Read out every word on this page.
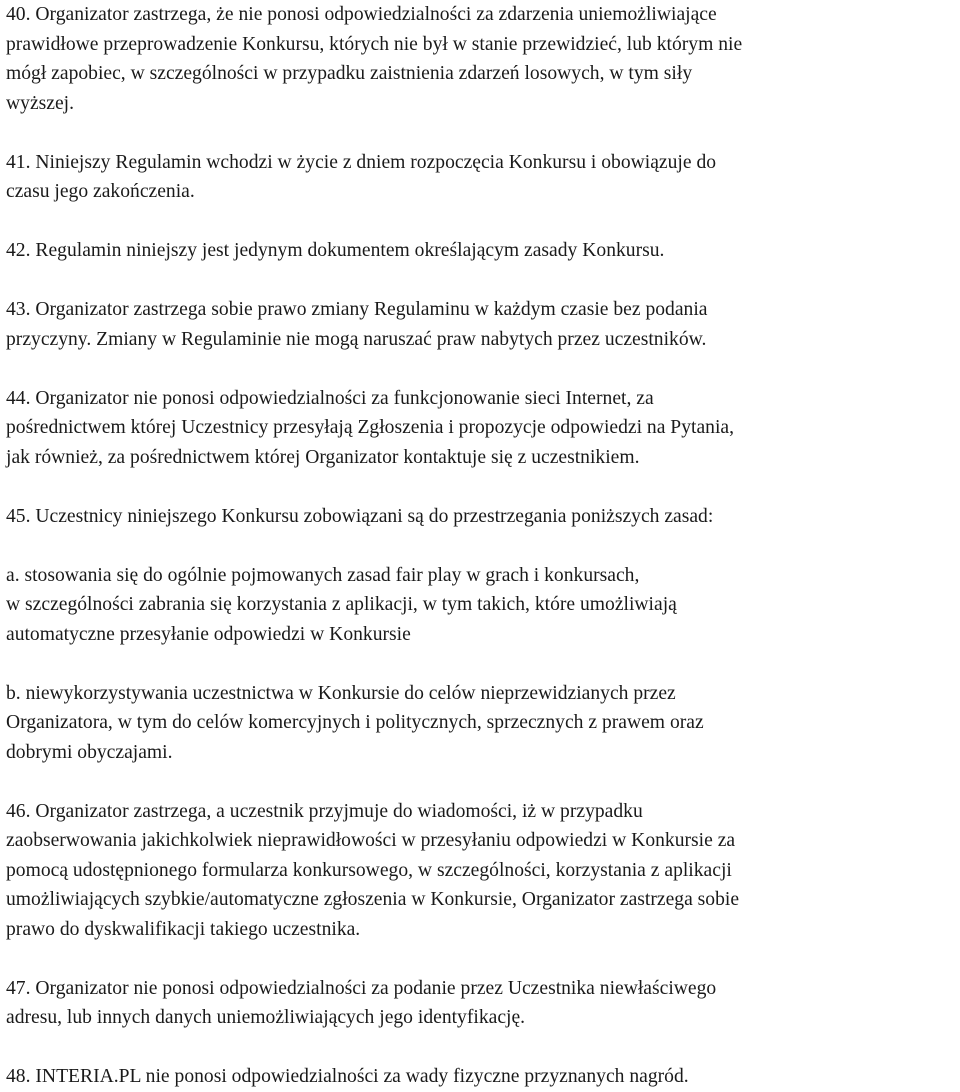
40. Organizator zastrzega, że nie ponosi odpowiedzialności za zdarzenia uniemożliwiające
prawidłowe przeprowadzenie Konkursu, których nie był w stanie przewidzieć, lub którym nie
mógł zapobiec, w szczególności w przypadku zaistnienia zdarzeń losowych, w tym siły
wyższej.
41. Niniejszy Regulamin wchodzi w życie z dniem rozpoczęcia Konkursu i obowiązuje do
czasu jego zakończenia.
42. Regulamin niniejszy jest jedynym dokumentem określającym zasady Konkursu.
43. Organizator zastrzega sobie prawo zmiany Regulaminu w każdym czasie bez podania
przyczyny. Zmiany w Regulaminie nie mogą naruszać praw nabytych przez uczestników.
44. Organizator nie ponosi odpowiedzialności za funkcjonowanie sieci Internet, za
pośrednictwem której Uczestnicy przesyłają Zgłoszenia i propozycje odpowiedzi na Pytania,
jak również, za pośrednictwem której Organizator kontaktuje się z uczestnikiem.
45. Uczestnicy niniejszego Konkursu zobowiązani są do przestrzegania poniższych zasad:
a. stosowania się do ogólnie pojmowanych zasad fair play w grach i konkursach,
w szczególności zabrania się korzystania z aplikacji, w tym takich, które umożliwiają
automatyczne przesyłanie odpowiedzi w Konkursie
b. niewykorzystywania uczestnictwa w Konkursie do celów nieprzewidzianych przez
Organizatora, w tym do celów komercyjnych i politycznych, sprzecznych z prawem oraz
dobrymi obyczajami.
46. Organizator zastrzega, a uczestnik przyjmuje do wiadomości, iż w przypadku
zaobserwowania jakichkolwiek nieprawidłowości w przesyłaniu odpowiedzi w Konkursie za
pomocą udostępnionego formularza konkursowego, w szczególności, korzystania z aplikacji
umożliwiających szybkie/automatyczne zgłoszenia w Konkursie, Organizator zastrzega sobie
prawo do dyskwalifikacji takiego uczestnika.
47. Organizator nie ponosi odpowiedzialności za podanie przez Uczestnika niewłaściwego
adresu, lub innych danych uniemożliwiających jego identyfikację.
48. INTERIA.PL nie ponosi odpowiedzialności za wady fizyczne przyznanych nagród.
